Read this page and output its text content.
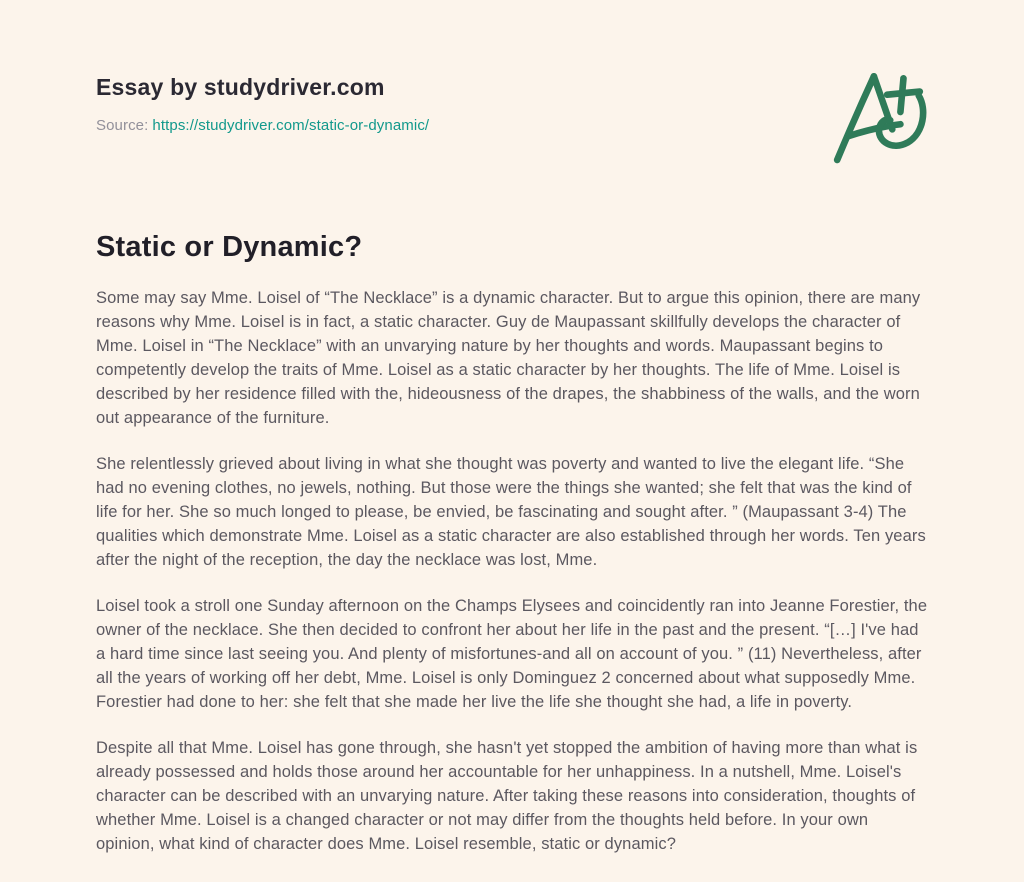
Essay by studydriver.com
Source: https://studydriver.com/static-or-dynamic/
Static or Dynamic?

Some may say Mme. Loisel of “The Necklace” is a dynamic character. But to argue this opinion, there are many reasons why Mme. Loisel is in fact, a static character. Guy de Maupassant skillfully develops the character of Mme. Loisel in “The Necklace” with an unvarying nature by her thoughts and words. Maupassant begins to competently develop the traits of Mme. Loisel as a static character by her thoughts. The life of Mme. Loisel is described by her residence filled with the, hideousness of the drapes, the shabbiness of the walls, and the worn out appearance of the furniture.

She relentlessly grieved about living in what she thought was poverty and wanted to live the elegant life. “She had no evening clothes, no jewels, nothing. But those were the things she wanted; she felt that was the kind of life for her. She so much longed to please, be envied, be fascinating and sought after. ” (Maupassant 3-4) The qualities which demonstrate Mme. Loisel as a static character are also established through her words. Ten years after the night of the reception, the day the necklace was lost, Mme.

Loisel took a stroll one Sunday afternoon on the Champs Elysees and coincidently ran into Jeanne Forestier, the owner of the necklace. She then decided to confront her about her life in the past and the present. “[…] I've had a hard time since last seeing you. And plenty of misfortunes-and all on account of you. ” (11) Nevertheless, after all the years of working off her debt, Mme. Loisel is only Dominguez 2 concerned about what supposedly Mme. Forestier had done to her: she felt that she made her live the life she thought she had, a life in poverty.

Despite all that Mme. Loisel has gone through, she hasn't yet stopped the ambition of having more than what is already possessed and holds those around her accountable for her unhappiness. In a nutshell, Mme. Loisel's character can be described with an unvarying nature. After taking these reasons into consideration, thoughts of whether Mme. Loisel is a changed character or not may differ from the thoughts held before. In your own opinion, what kind of character does Mme. Loisel resemble, static or dynamic?
